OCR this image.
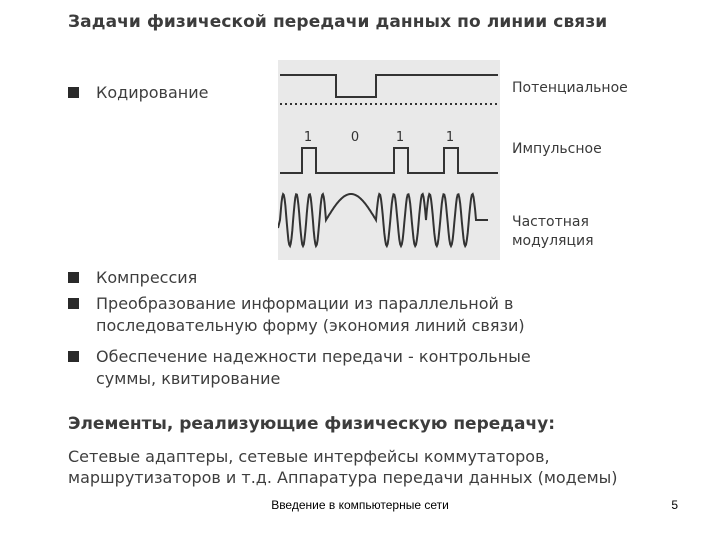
Задачи физической передачи данных по линии связи
Кодирование
1	0	1	1
Потенциальное
Импульсное
Частотная
модуляция
Компрессия
Преобразование информации из параллельной в
последовательную форму (экономия линий связи)
Обеспечение надежности передачи - контрольные
суммы, квитирование
Элементы, реализующие физическую передачу:
Сетевые адаптеры, сетевые интерфейсы коммутаторов,
маршрутизаторов и т.д. Аппаратура передачи данных (модемы)
Введение в компьютерные сети	5
